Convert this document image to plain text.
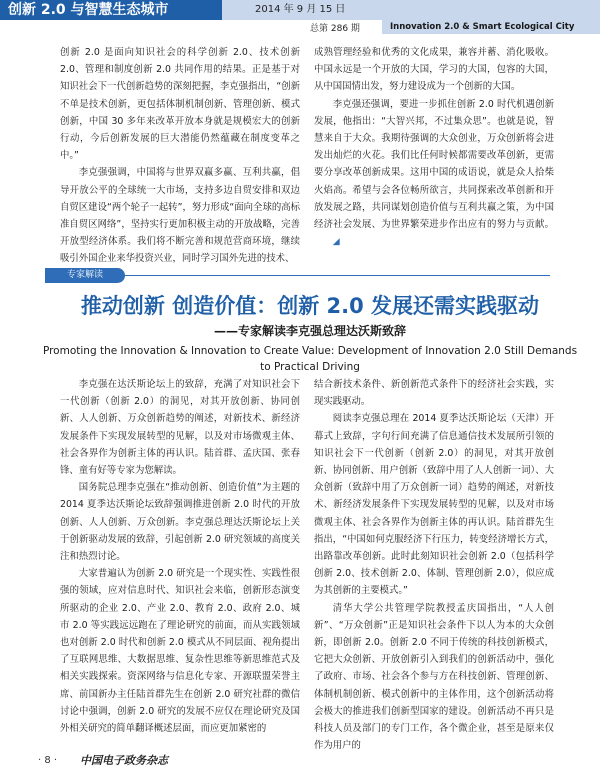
创新 2.0 与智慧生态城市	2014 年 9 月 15 日
总第 286 期	Innovation 2.0 & Smart Ecological City

创新 2.0 是面向知识社会的科学创新 2.0、技术创新 2.0、管理和制度创新 2.0 共同作用的结果。正是基于对知识社会下一代创新趋势的深刻把握，李克强指出，“创新不单是技术创新，更包括体制机制创新、管理创新、模式创新，中国 30 多年来改革开放本身就是规模宏大的创新行动，今后创新发展的巨大潜能仍然蕴藏在制度变革之中。”

李克强强调，中国将与世界双赢多赢、互利共赢，倡导开放公平的全球统一大市场，支持多边自贸安排和双边自贸区建设“两个轮子一起转”，努力形成“面向全球的高标准自贸区网络”，坚持实行更加积极主动的开放战略，完善开放型经济体系。我们将不断完善和规范营商环境，继续吸引外国企业来华投资兴业，同时学习国外先进的技术、

成熟管理经验和优秀的文化成果，兼容并蓄、消化吸收。中国永远是一个开放的大国，学习的大国，包容的大国，从中国国情出发，努力建设成为一个创新的大国。

李克强还强调，要进一步抓住创新 2.0 时代机遇创新发展，他指出：“大智兴邦，不过集众思”。也就是说，智慧来自于大众。我期待强调的大众创业，万众创新将会进发出灿烂的火花。我们比任何时候都需要改革创新，更需要分享改革创新成果。这用中国的成语说，就是众人拾柴火焰高。希望与会各位畅所欲言，共同探索改革创新和开放发展之路，共同谋划创造价值与互利共赢之策，为中国经济社会发展、为世界繁荣进步作出应有的努力与贡献。 ◢

专家解读
推动创新 创造价值：创新 2.0 发展还需实践驱动
——专家解读李克强总理达沃斯致辞
Promoting the Innovation & Innovation to Create Value: Development of Innovation 2.0 Still Demands to Practical Driving

李克强在达沃斯论坛上的致辞，充满了对知识社会下一代创新（创新 2.0）的洞见，对其开放创新、协同创新、人人创新、万众创新趋势的阐述，对新技术、新经济发展条件下实现发展转型的见解，以及对市场微观主体、社会各界作为创新主体的再认识。陆首群、孟庆国、张春锋、童有好等专家为您解读。

国务院总理李克强在“推动创新、创造价值”为主题的 2014 夏季达沃斯论坛致辞强调推进创新 2.0 时代的开放创新、人人创新、万众创新。李克强总理达沃斯论坛上关于创新驱动发展的致辞，引起创新 2.0 研究领域的高度关注和热烈讨论。

大家普遍认为创新 2.0 研究是一个现实性、实践性很强的领域，应对信息时代、知识社会来临，创新形态演变所驱动的企业 2.0、产业 2.0、教育 2.0、政府 2.0、城市 2.0 等实践远远跑在了理论研究的前面，而从实践领域也对创新 2.0 时代和创新 2.0 模式从不同层面、视角提出了互联网思维、大数据思维、复杂性思维等新思维范式及相关实践探索。资深网络与信息化专家、开源联盟荣誉主席、前国新办主任陆首群先生在创新 2.0 研究社群的微信讨论中强调，创新 2.0 研究的发展不应仅在理论研究及国外相关研究的简单翻译概述层面，而应更加紧密的

结合新技术条件、新创新范式条件下的经济社会实践，实现实践驱动。

阅读李克强总理在 2014 夏季达沃斯论坛（天津）开幕式上致辞，字句行间充满了信息通信技术发展所引领的知识社会下一代创新（创新 2.0）的洞见，对其开放创新、协同创新、用户创新（致辞中用了人人创新一词）、大众创新（致辞中用了万众创新一词）趋势的阐述，对新技术、新经济发展条件下实现发展转型的见解，以及对市场微观主体、社会各界作为创新主体的再认识。陆首群先生指出，“中国如何克服经济下行压力，转变经济增长方式，出路靠改革创新。此时此刻知识社会创新 2.0（包括科学创新 2.0、技术创新 2.0、体制、管理创新 2.0），似应成为其创新的主要模式。”

清华大学公共管理学院教授孟庆国指出，“人人创新”、“万众创新”正是知识社会条件下以人为本的大众创新，即创新 2.0。创新 2.0 不同于传统的科技创新模式，它把大众创新、开放创新引入到我们的创新活动中，强化了政府、市场、社会各个参与方在科技创新、管理创新、体制机制创新、模式创新中的主体作用，这个创新活动将会极大的推进我们创新型国家的建设。创新活动不再只是科技人员及部门的专门工作，各个微企业，甚至是原来仅作为用户的

· 8 · 中国电子政务杂志
